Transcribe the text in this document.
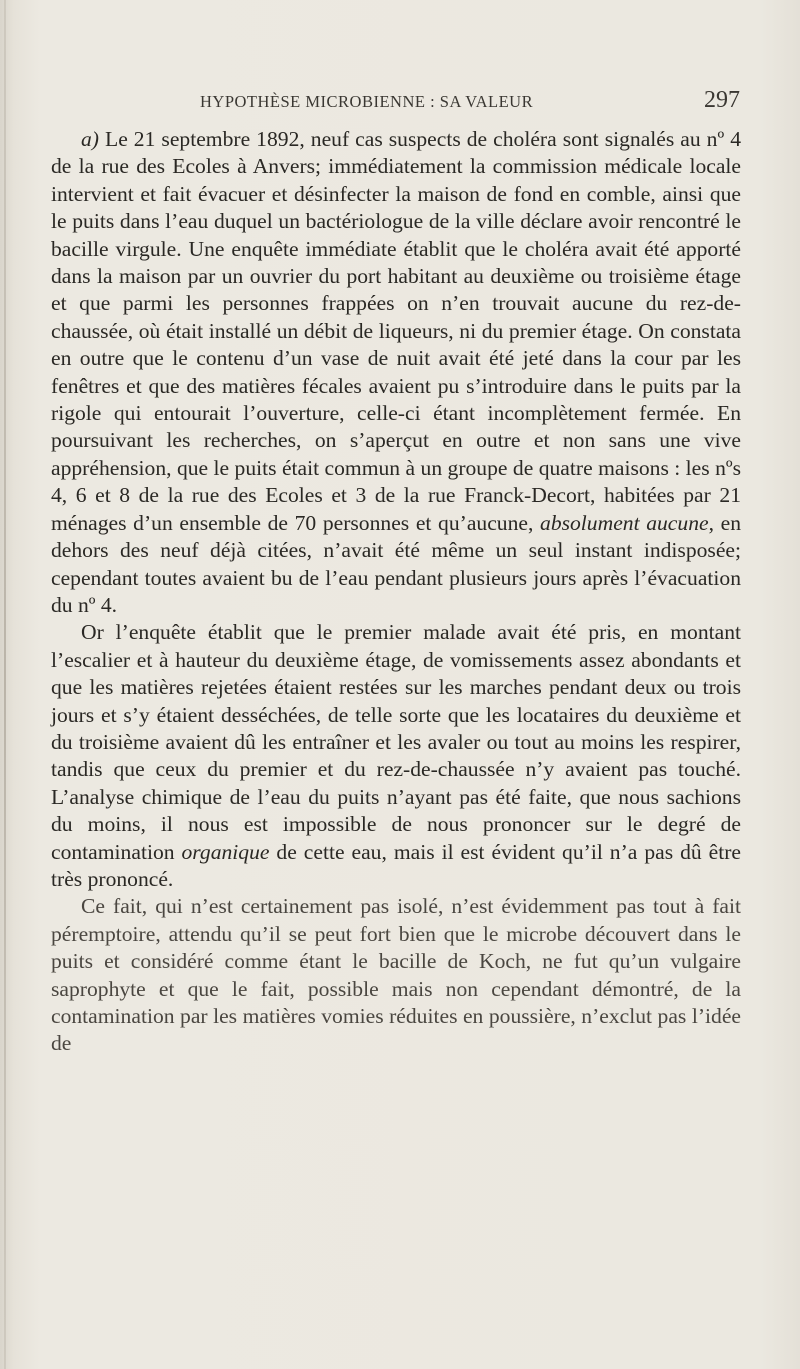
HYPOTHÈSE MICROBIENNE : SA VALEUR	297

a) Le 21 septembre 1892, neuf cas suspects de choléra sont signalés au nº 4 de la rue des Ecoles à Anvers; immédiatement la commission médicale locale intervient et fait évacuer et désinfecter la maison de fond en comble, ainsi que le puits dans l’eau duquel un bactériologue de la ville déclare avoir rencontré le bacille virgule. Une enquête immédiate établit que le choléra avait été apporté dans la maison par un ouvrier du port habitant au deuxième ou troisième étage et que parmi les personnes frappées on n’en trouvait aucune du rez-de-chaussée, où était installé un débit de liqueurs, ni du premier étage. On constata en outre que le contenu d’un vase de nuit avait été jeté dans la cour par les fenêtres et que des matières fécales avaient pu s’introduire dans le puits par la rigole qui entourait l’ouverture, celle-ci étant incomplètement fermée. En poursuivant les recherches, on s’aperçut en outre et non sans une vive appréhension, que le puits était commun à un groupe de quatre maisons : les nºs 4, 6 et 8 de la rue des Ecoles et 3 de la rue Franck-Decort, habitées par 21 ménages d’un ensemble de 70 personnes et qu’aucune, absolument aucune, en dehors des neuf déjà citées, n’avait été même un seul instant indisposée; cependant toutes avaient bu de l’eau pendant plusieurs jours après l’évacuation du nº 4.

Or l’enquête établit que le premier malade avait été pris, en montant l’escalier et à hauteur du deuxième étage, de vomissements assez abondants et que les matières rejetées étaient restées sur les marches pendant deux ou trois jours et s’y étaient desséchées, de telle sorte que les locataires du deuxième et du troisième avaient dû les entraîner et les avaler ou tout au moins les respirer, tandis que ceux du premier et du rez-de-chaussée n’y avaient pas touché. L’analyse chimique de l’eau du puits n’ayant pas été faite, que nous sachions du moins, il nous est impossible de nous prononcer sur le degré de contamination organique de cette eau, mais il est évident qu’il n’a pas dû être très prononcé.

Ce fait, qui n’est certainement pas isolé, n’est évidemment pas tout à fait péremptoire, attendu qu’il se peut fort bien que le microbe découvert dans le puits et considéré comme étant le bacille de Koch, ne fut qu’un vulgaire saprophyte et que le fait, possible mais non cependant démontré, de la contamination par les matières vomies réduites en poussière, n’exclut pas l’idée de
